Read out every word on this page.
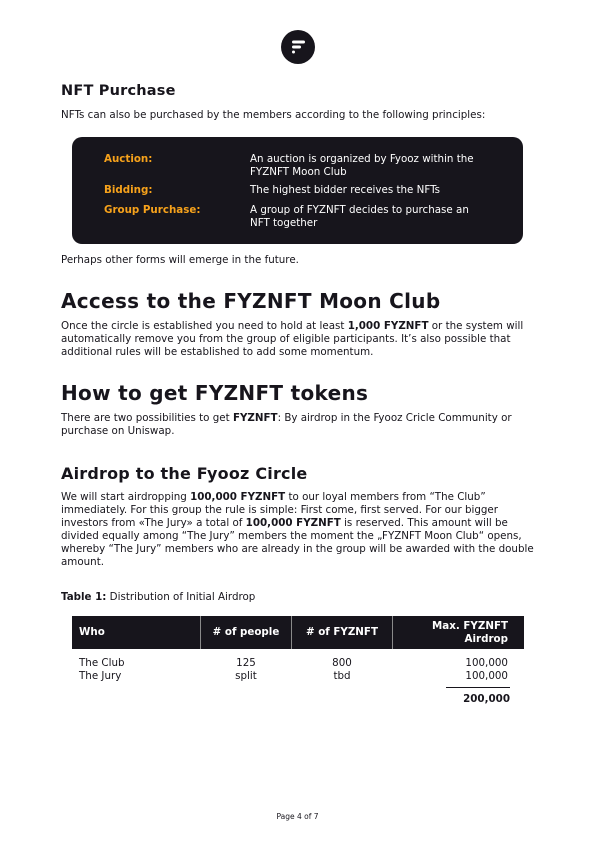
NFT Purchase

NFTs can also be purchased by the members according to the following principles:

Auction:	An auction is organized by Fyooz within the FYZNFT Moon Club
Bidding:	The highest bidder receives the NFTs
Group Purchase:	A group of FYZNFT decides to purchase an NFT together

Perhaps other forms will emerge in the future.

Access to the FYZNFT Moon Club

Once the circle is established you need to hold at least 1,000 FYZNFT or the system will automatically remove you from the group of eligible participants. It’s also possible that additional rules will be established to add some momentum.

How to get FYZNFT tokens

There are two possibilities to get FYZNFT: By airdrop in the Fyooz Cricle Community or purchase on Uniswap.

Airdrop to the Fyooz Circle

We will start airdropping 100,000 FYZNFT to our loyal members from “The Club” immediately. For this group the rule is simple: First come, first served. For our bigger investors from «The Jury» a total of 100,000 FYZNFT is reserved. This amount will be divided equally among “The Jury” members the moment the „FYZNFT Moon Club“ opens, whereby “The Jury” members who are already in the group will be awarded with the double amount.

Table 1: Distribution of Initial Airdrop

Who	# of people	# of FYZNFT	Max. FYZNFT
Airdrop
The Club	125	800	100,000
The Jury	split	tbd	100,000
			200,000
Page 4 of 7
